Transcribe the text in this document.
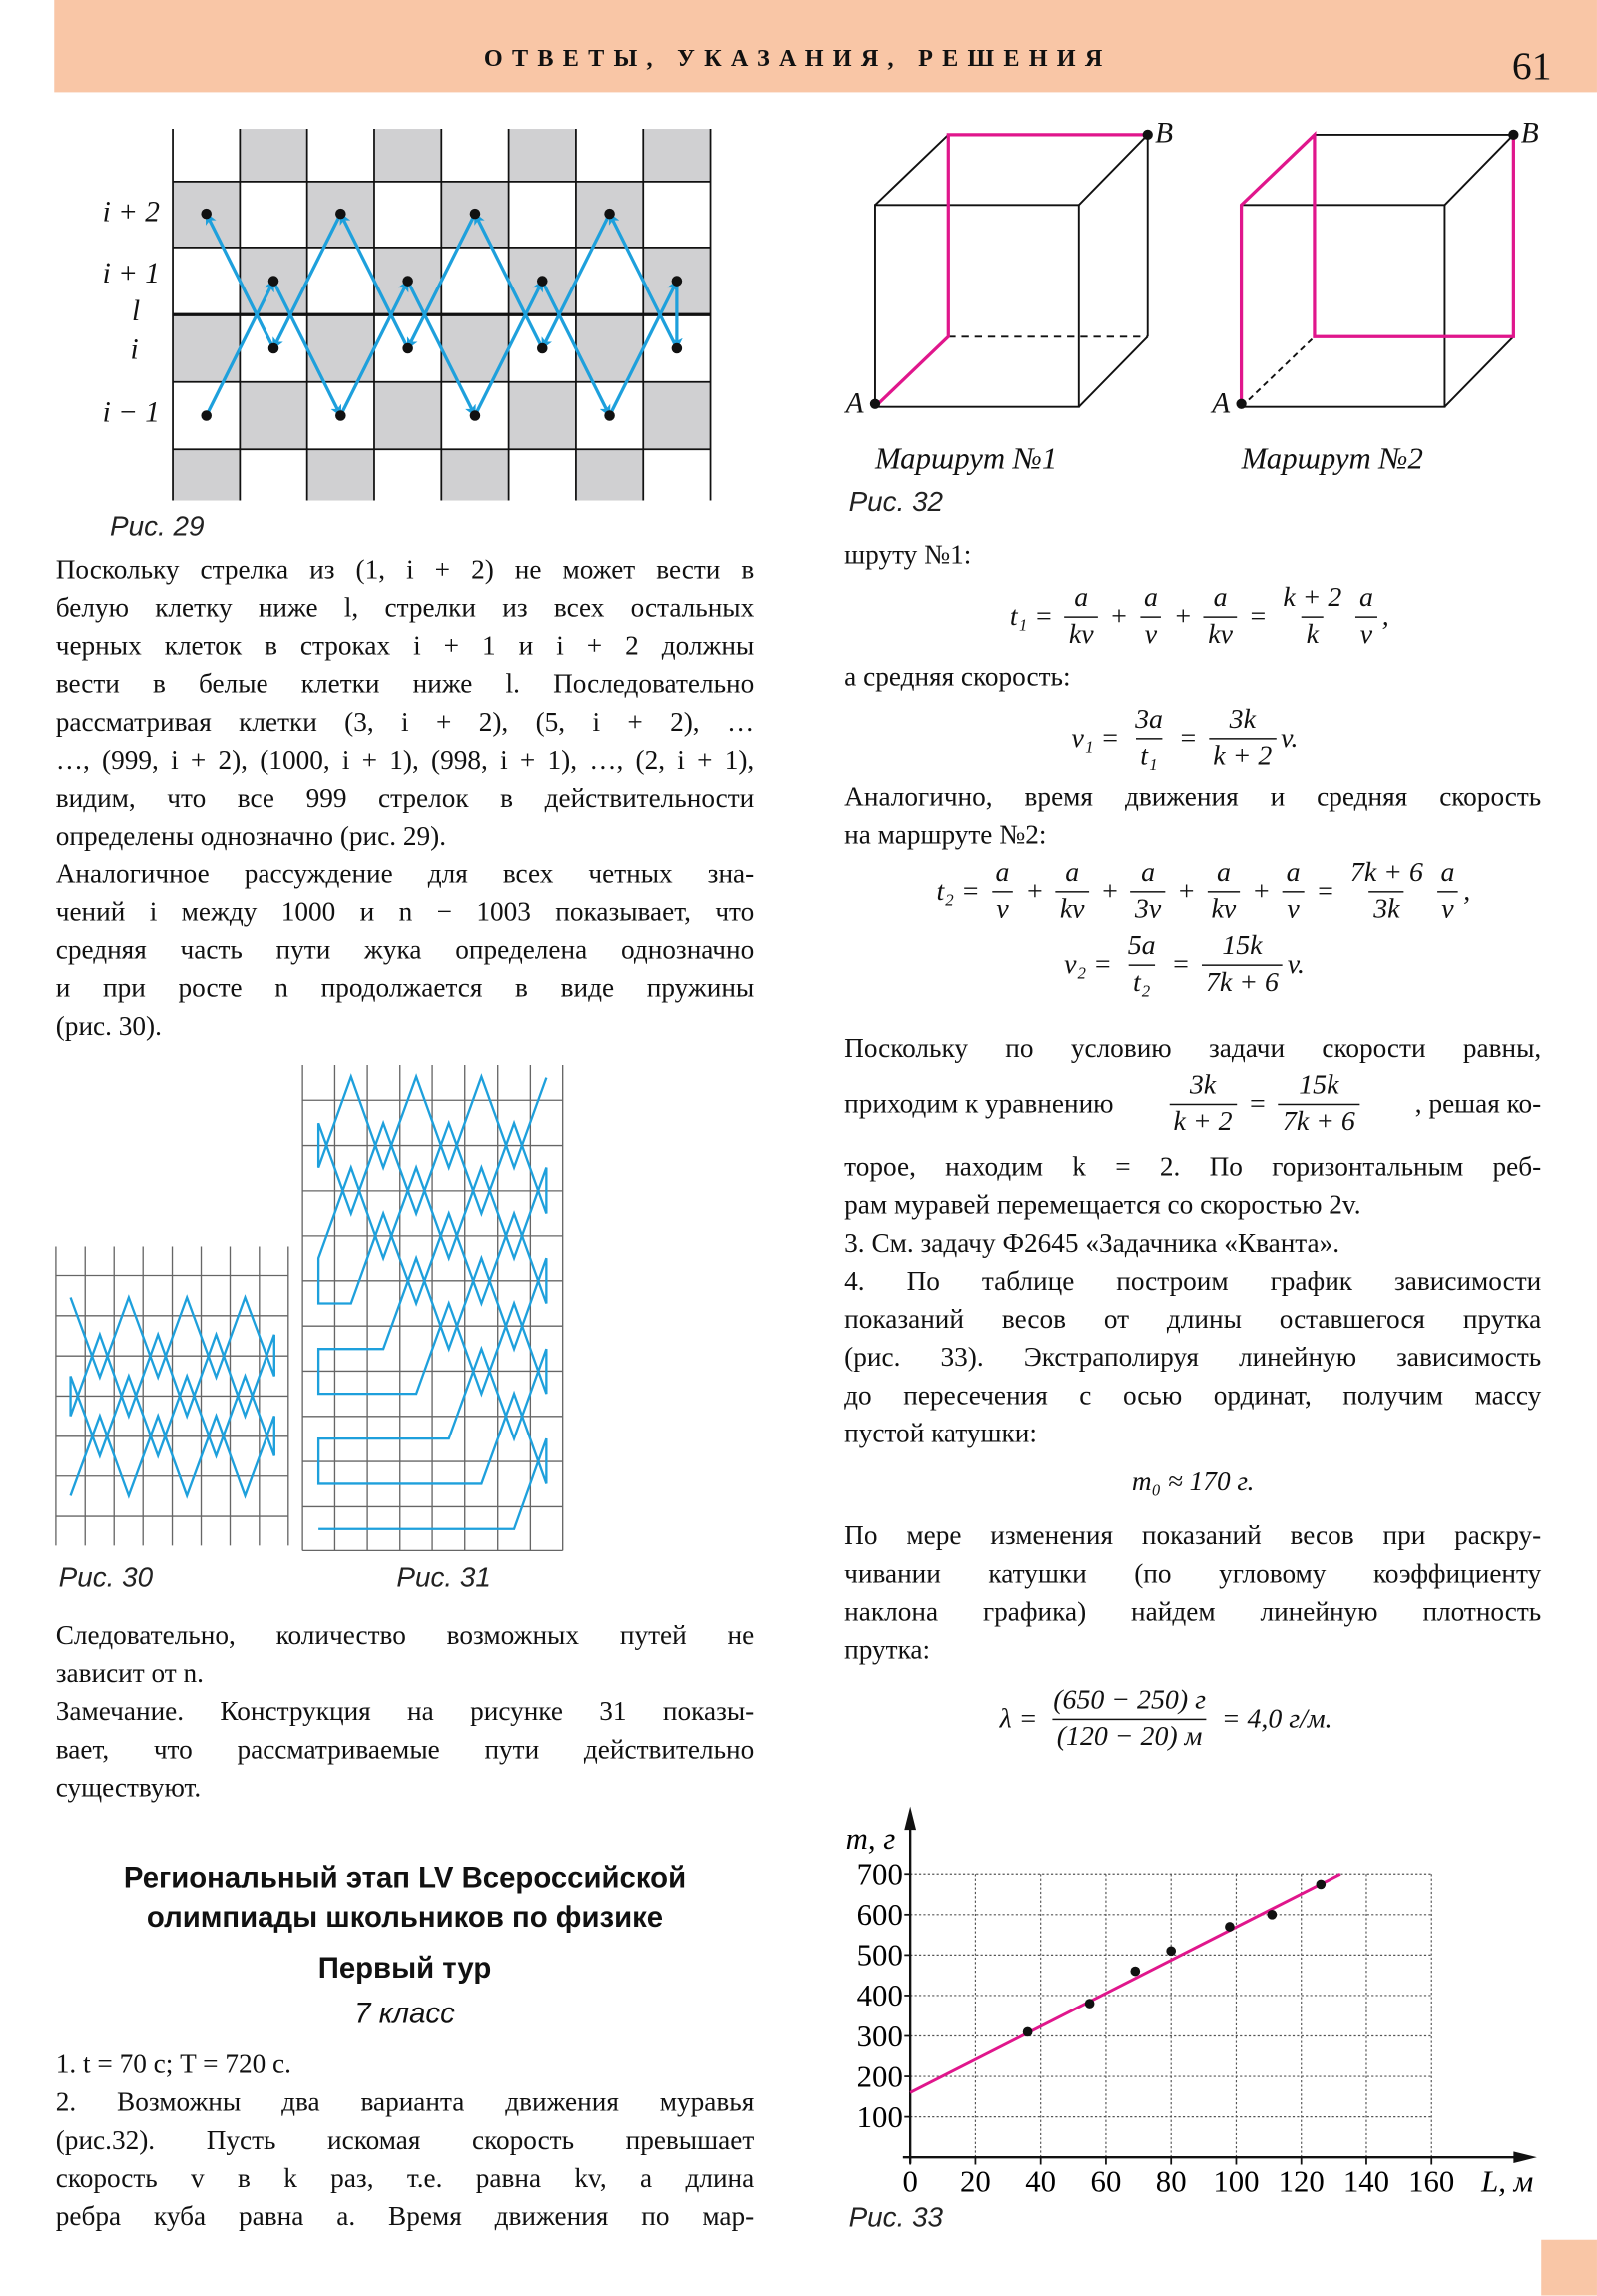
ОТВЕТЫ, УКАЗАНИЯ, РЕШЕНИЯ	61
i + 2
i + 1
l
i
i − 1
Рис. 29
Поскольку стрелка из (1, i + 2) не может вести в
белую клетку ниже l, стрелки из всех остальных
черных клеток в строках i + 1 и i + 2 должны
вести в белые клетки ниже l. Последовательно
рассматривая клетки (3, i + 2), (5, i + 2), …
…, (999, i + 2), (1000, i + 1), (998, i + 1), …, (2, i + 1),
видим, что все 999 стрелок в действительности
определены однозначно (рис. 29).
Аналогичное рассуждение для всех четных зна-
чений i между 1000 и n − 1003 показывает, что
средняя часть пути жука определена однозначно
и при росте n продолжается в виде пружины
(рис. 30).
Рис. 30	Рис. 31
Следовательно, количество возможных путей не
зависит от n.
Замечание. Конструкция на рисунке 31 показы-
вает, что рассматриваемые пути действительно
существуют.
Региональный этап LV Всероссийской
олимпиады школьников по физике
Первый тур
7 класс
1. t = 70 с; T = 720 с.
2. Возможны два варианта движения муравья
(рис.32). Пусть искомая скорость превышает
скорость v в k раз, т.е. равна kv, а длина
ребра куба равна a. Время движения по мар-
A
B
A
B
Маршрут №1	Маршрут №2
Рис. 32
шруту №1:
$t_1 = \frac{a}{kv} + \frac{a}{v} + \frac{a}{kv} = \frac{k + 2}{k} \frac{a}{v}$ ,
а средняя скорость:
$v_1 = \frac{3a}{\text{t₁}} = \frac{3k}{k + 2} v$.
Аналогично, время движения и средняя скорость
на маршруте №2:
$t_2 = \frac{a}{v} + \frac{a}{kv} + \frac{a}{3v} + \frac{a}{kv} + \frac{a}{v} = \frac{7k + 6}{3k} \frac{a}{v}$ ,
$v_2 = \frac{5a}{\text{t₂}} = \frac{15k}{7k + 6} v$.
Поскольку по условию задачи скорости равны,
приходим к уравнению	$\frac{3k}{k + 2} = \frac{15k}{7k + 6}$	, решая ко-
торое, находим k = 2. По горизонтальным реб-
рам муравей перемещается со скоростью 2v.
3. См. задачу Ф2645 «Задачника «Кванта».
4. По таблице построим график зависимости
показаний весов от длины оставшегося прутка
(рис. 33). Экстраполируя линейную зависимость
до пересечения с осью ординат, получим массу
пустой катушки:
m₀ ≈ 170 г.
По мере изменения показаний весов при раскру-
чивании катушки (по угловому коэффициенту
наклона графика) найдем линейную плотность
прутка:
$\lambda = \frac{(650 - 250) г}{(120 - 20) м} = 4,0$ г/м.
100
200
300
400
500
600
700
0 20 40 60 80 100 120 140 160
m, г
L, м
Рис. 33
